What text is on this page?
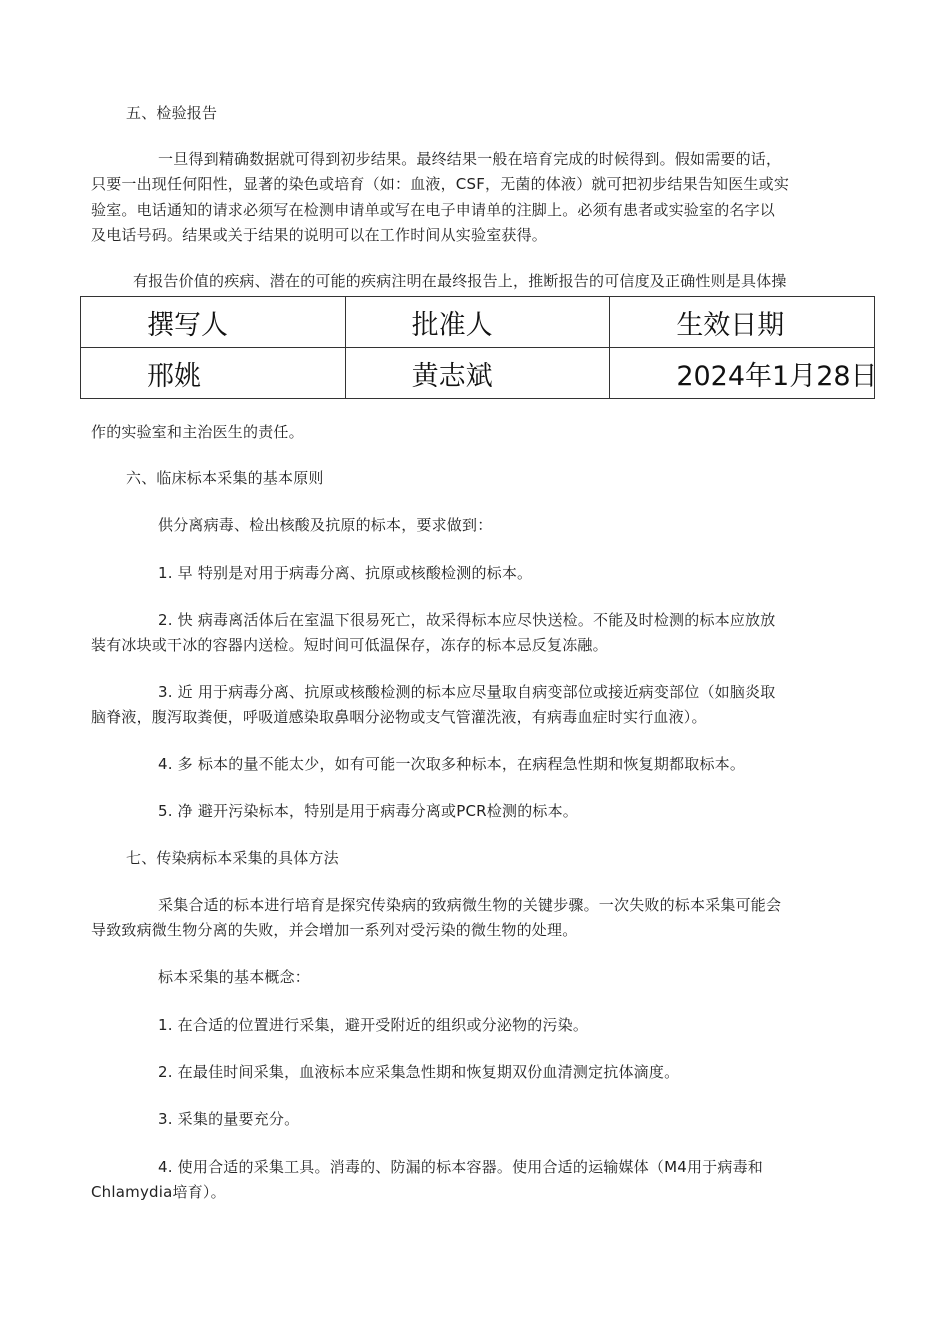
五、检验报告
一旦得到精确数据就可得到初步结果。最终结果一般在培育完成的时候得到。假如需要的话，
只要一出现任何阳性，显著的染色或培育（如：血液，CSF，无菌的体液）就可把初步结果告知医生或实
验室。电话通知的请求必须写在检测申请单或写在电子申请单的注脚上。必须有患者或实验室的名字以
及电话号码。结果或关于结果的说明可以在工作时间从实验室获得。
有报告价值的疾病、潜在的可能的疾病注明在最终报告上，推断报告的可信度及正确性则是具体操
撰写人	批准人	生效日期
邢姚	黄志斌	2024年1月28日
作的实验室和主治医生的责任。
六、临床标本采集的基本原则
供分离病毒、检出核酸及抗原的标本，要求做到：
1. 早 特别是对用于病毒分离、抗原或核酸检测的标本。
2. 快 病毒离活体后在室温下很易死亡，故采得标本应尽快送检。不能及时检测的标本应放放
装有冰块或干冰的容器内送检。短时间可低温保存，冻存的标本忌反复冻融。
3. 近 用于病毒分离、抗原或核酸检测的标本应尽量取自病变部位或接近病变部位（如脑炎取
脑脊液，腹泻取粪便，呼吸道感染取鼻咽分泌物或支气管灌洗液，有病毒血症时实行血液）。
4. 多 标本的量不能太少，如有可能一次取多种标本，在病程急性期和恢复期都取标本。
5. 净 避开污染标本，特别是用于病毒分离或PCR检测的标本。
七、传染病标本采集的具体方法
采集合适的标本进行培育是探究传染病的致病微生物的关键步骤。一次失败的标本采集可能会
导致致病微生物分离的失败，并会增加一系列对受污染的微生物的处理。
标本采集的基本概念：
1. 在合适的位置进行采集，避开受附近的组织或分泌物的污染。
2. 在最佳时间采集，血液标本应采集急性期和恢复期双份血清测定抗体滴度。
3. 采集的量要充分。
4. 使用合适的采集工具。消毒的、防漏的标本容器。使用合适的运输媒体（M4用于病毒和
Chlamydia培育）。
